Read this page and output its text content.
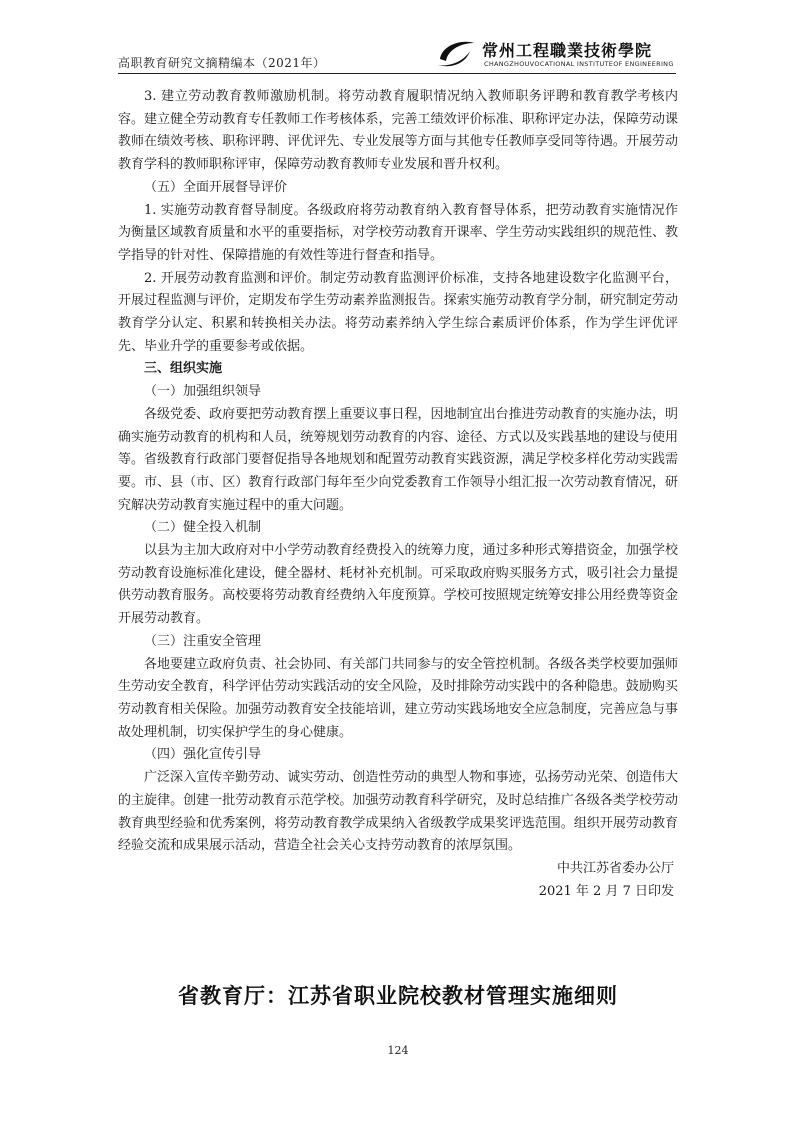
高职教育研究文摘精编本（2021年）
常州工程職業技術學院
CHANGZHOUVOCATIONAL INSTITUTEOF ENGINEERING

3. 建立劳动教育教师激励机制。将劳动教育履职情况纳入教师职务评聘和教育教学考核内容。建立健全劳动教育专任教师工作考核体系，完善工绩效评价标准、职称评定办法，保障劳动课教师在绩效考核、职称评聘、评优评先、专业发展等方面与其他专任教师享受同等待遇。开展劳动教育学科的教师职称评审，保障劳动教育教师专业发展和晋升权利。

（五）全面开展督导评价

1. 实施劳动教育督导制度。各级政府将劳动教育纳入教育督导体系，把劳动教育实施情况作为衡量区域教育质量和水平的重要指标，对学校劳动教育开课率、学生劳动实践组织的规范性、教学指导的针对性、保障措施的有效性等进行督查和指导。

2. 开展劳动教育监测和评价。制定劳动教育监测评价标准，支持各地建设数字化监测平台，开展过程监测与评价，定期发布学生劳动素养监测报告。探索实施劳动教育学分制，研究制定劳动教育学分认定、积累和转换相关办法。将劳动素养纳入学生综合素质评价体系，作为学生评优评先、毕业升学的重要参考或依据。

三、组织实施

（一）加强组织领导

各级党委、政府要把劳动教育摆上重要议事日程，因地制宜出台推进劳动教育的实施办法，明确实施劳动教育的机构和人员，统筹规划劳动教育的内容、途径、方式以及实践基地的建设与使用等。省级教育行政部门要督促指导各地规划和配置劳动教育实践资源，满足学校多样化劳动实践需要。市、县（市、区）教育行政部门每年至少向党委教育工作领导小组汇报一次劳动教育情况，研究解决劳动教育实施过程中的重大问题。

（二）健全投入机制

以县为主加大政府对中小学劳动教育经费投入的统筹力度，通过多种形式筹措资金，加强学校劳动教育设施标准化建设，健全器材、耗材补充机制。可采取政府购买服务方式，吸引社会力量提供劳动教育服务。高校要将劳动教育经费纳入年度预算。学校可按照规定统筹安排公用经费等资金开展劳动教育。

（三）注重安全管理

各地要建立政府负责、社会协同、有关部门共同参与的安全管控机制。各级各类学校要加强师生劳动安全教育，科学评估劳动实践活动的安全风险，及时排除劳动实践中的各种隐患。鼓励购买劳动教育相关保险。加强劳动教育安全技能培训，建立劳动实践场地安全应急制度，完善应急与事故处理机制，切实保护学生的身心健康。

（四）强化宣传引导

广泛深入宣传辛勤劳动、诚实劳动、创造性劳动的典型人物和事迹，弘扬劳动光荣、创造伟大的主旋律。创建一批劳动教育示范学校。加强劳动教育科学研究，及时总结推广各级各类学校劳动教育典型经验和优秀案例，将劳动教育教学成果纳入省级教学成果奖评选范围。组织开展劳动教育经验交流和成果展示活动，营造全社会关心支持劳动教育的浓厚氛围。

中共江苏省委办公厅

2021 年 2 月 7 日印发

省教育厅：江苏省职业院校教材管理实施细则
124
